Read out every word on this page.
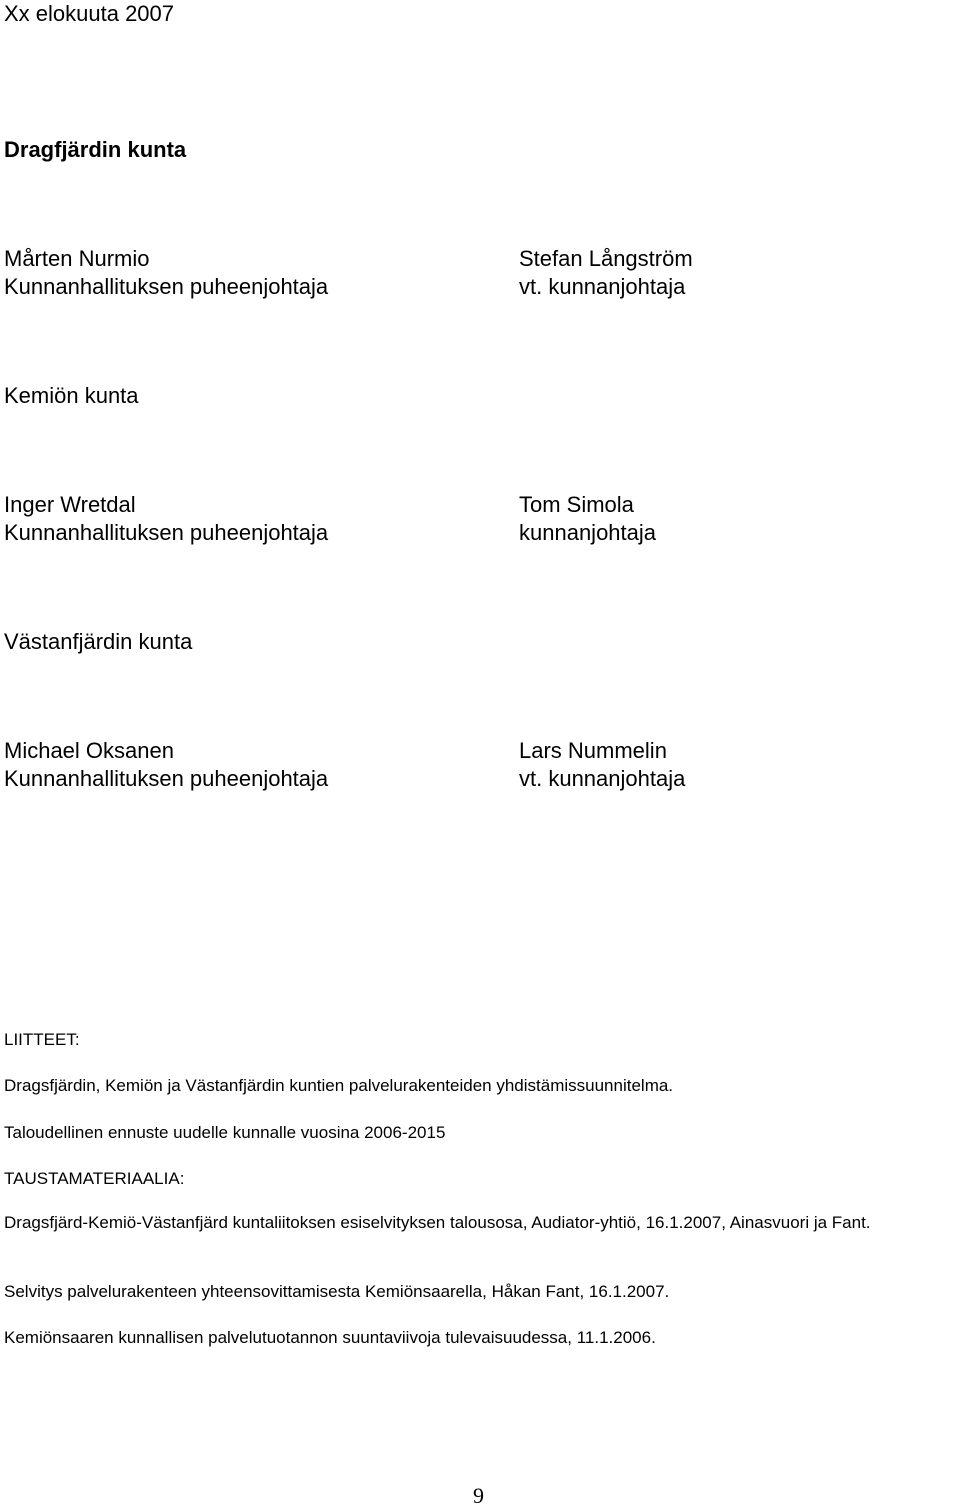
Xx elokuuta 2007
Dragfjärdin kunta
Mårten Nurmio
Kunnanhallituksen puheenjohtaja
Stefan Långström
vt. kunnanjohtaja
Kemiön kunta
Inger Wretdal
Kunnanhallituksen puheenjohtaja
Tom Simola
kunnanjohtaja
Västanfjärdin kunta
Michael Oksanen
Kunnanhallituksen puheenjohtaja
Lars Nummelin
vt. kunnanjohtaja
LIITTEET:
Dragsfjärdin, Kemiön ja Västanfjärdin kuntien palvelurakenteiden yhdistämissuunnitelma.
Taloudellinen ennuste uudelle kunnalle vuosina 2006-2015
TAUSTAMATERIAALIA:
Dragsfjärd-Kemiö-Västanfjärd kuntaliitoksen esiselvityksen talousosa, Audiator-yhtiö, 16.1.2007, Ainasvuori ja Fant.
Selvitys palvelurakenteen yhteensovittamisesta Kemiönsaarella, Håkan Fant, 16.1.2007.
Kemiönsaaren kunnallisen palvelutuotannon suuntaviivoja tulevaisuudessa, 11.1.2006.
9
